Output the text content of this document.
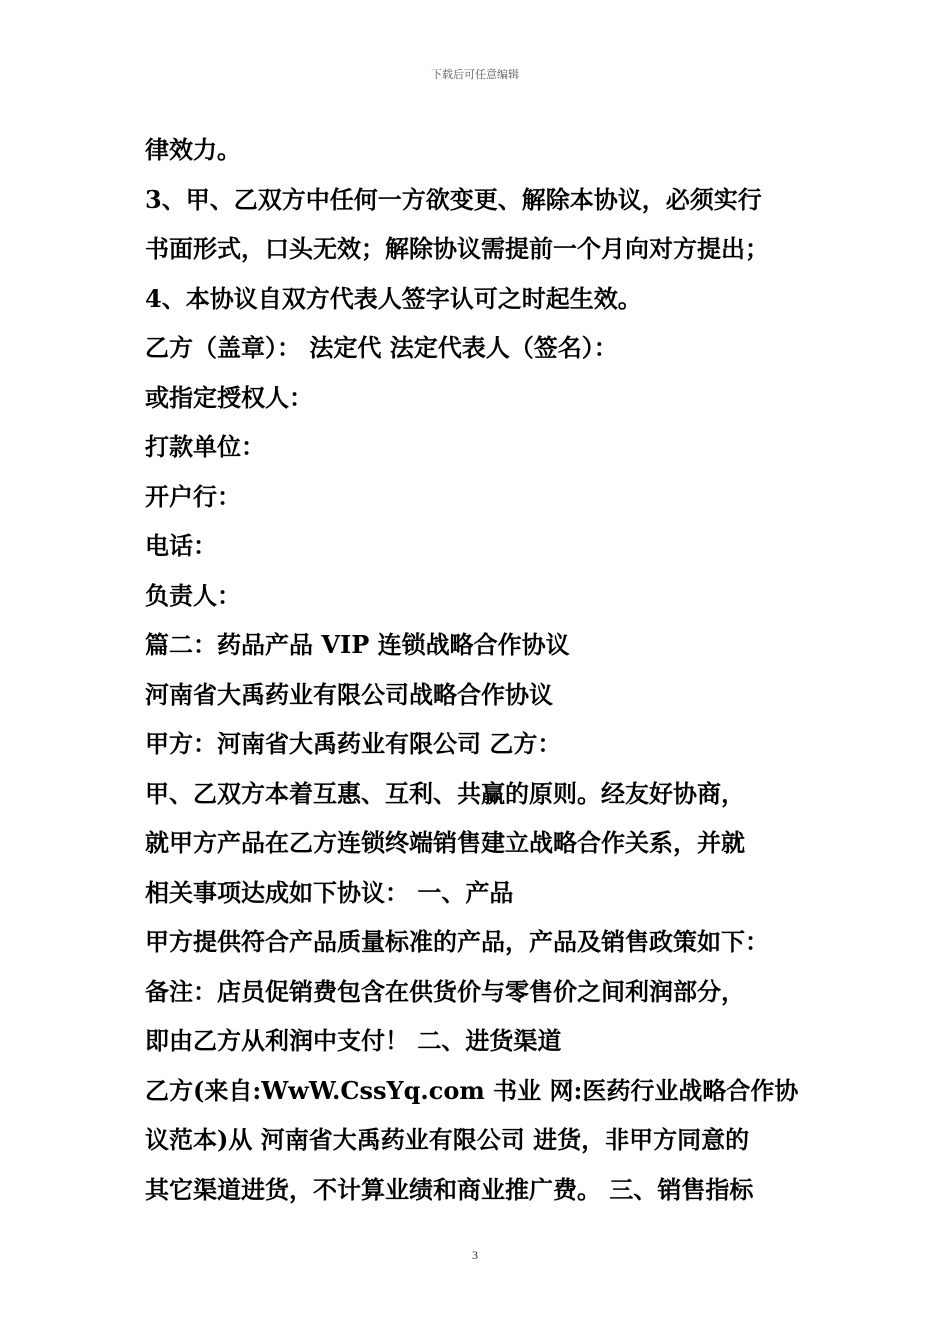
下载后可任意编辑
律效力。
3、甲、乙双方中任何一方欲变更、解除本协议，必须实行
书面形式，口头无效；解除协议需提前一个月向对方提出；
4、本协议自双方代表人签字认可之时起生效。
乙方（盖章）： 法定代 法定代表人（签名）：
或指定授权人：
打款单位：
开户行：
电话：
负责人：
篇二：药品产品 VIP 连锁战略合作协议
河南省大禹药业有限公司战略合作协议
甲方：河南省大禹药业有限公司 乙方：
甲、乙双方本着互惠、互利、共赢的原则。经友好协商，
就甲方产品在乙方连锁终端销售建立战略合作关系，并就
相关事项达成如下协议： 一、产品
甲方提供符合产品质量标准的产品，产品及销售政策如下：
备注：店员促销费包含在供货价与零售价之间利润部分，
即由乙方从利润中支付！ 二、进货渠道
乙方(来自:WwW.CssYq.com 书业 网:医药行业战略合作协
议范本)从 河南省大禹药业有限公司 进货，非甲方同意的
其它渠道进货，不计算业绩和商业推广费。 三、销售指标
3
